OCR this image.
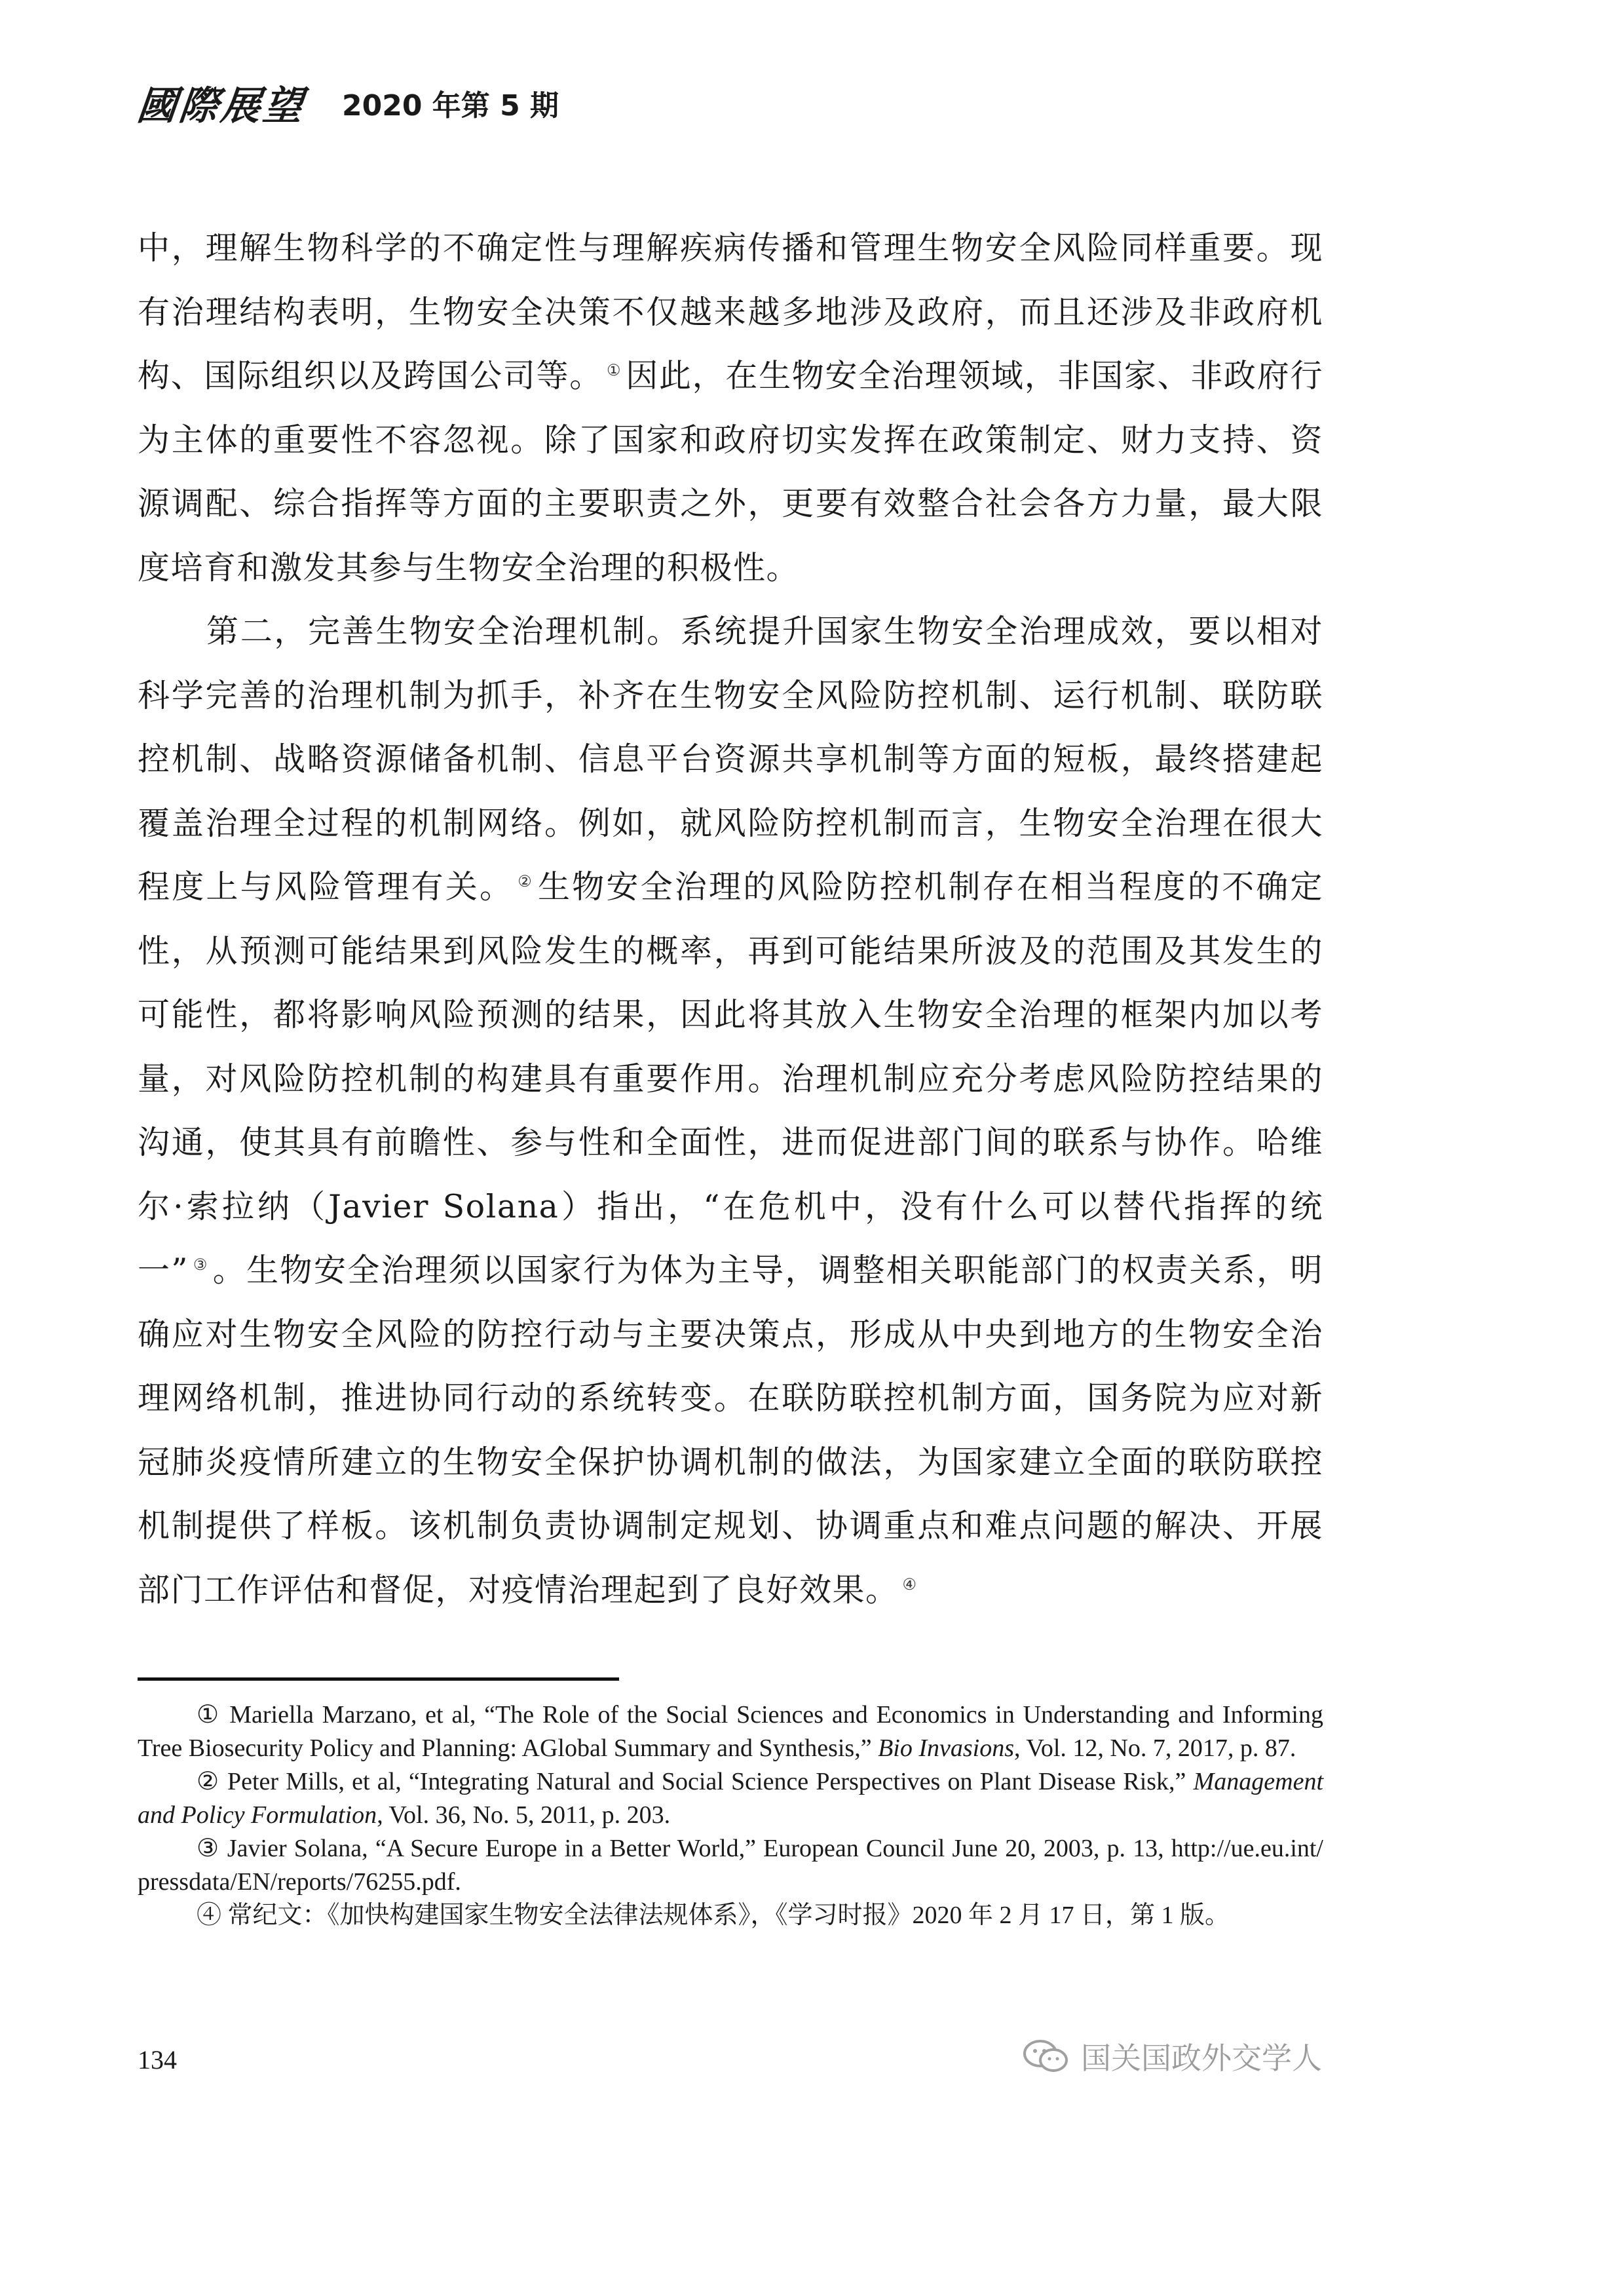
國際展望 2020 年第 5 期

中，理解生物科学的不确定性与理解疾病传播和管理生物安全风险同样重要。现有治理结构表明，生物安全决策不仅越来越多地涉及政府，而且还涉及非政府机构、国际组织以及跨国公司等。 ① 因此，在生物安全治理领域，非国家、非政府行为主体的重要性不容忽视。除了国家和政府切实发挥在政策制定、财力支持、资源调配、综合指挥等方面的主要职责之外，更要有效整合社会各方力量，最大限度培育和激发其参与生物安全治理的积极性。

第二，完善生物安全治理机制。系统提升国家生物安全治理成效，要以相对科学完善的治理机制为抓手，补齐在生物安全风险防控机制、运行机制、联防联控机制、战略资源储备机制、信息平台资源共享机制等方面的短板，最终搭建起覆盖治理全过程的机制网络。例如，就风险防控机制而言，生物安全治理在很大程度上与风险管理有关。 ② 生物安全治理的风险防控机制存在相当程度的不确定性，从预测可能结果到风险发生的概率，再到可能结果所波及的范围及其发生的可能性，都将影响风险预测的结果，因此将其放入生物安全治理的框架内加以考量，对风险防控机制的构建具有重要作用。治理机制应充分考虑风险防控结果的沟通，使其具有前瞻性、参与性和全面性，进而促进部门间的联系与协作。哈维尔·索拉纳（Javier Solana）指出，“在危机中，没有什么可以替代指挥的统一” ③ 。生物安全治理须以国家行为体为主导，调整相关职能部门的权责关系，明确应对生物安全风险的防控行动与主要决策点，形成从中央到地方的生物安全治理网络机制，推进协同行动的系统转变。在联防联控机制方面，国务院为应对新冠肺炎疫情所建立的生物安全保护协调机制的做法，为国家建立全面的联防联控机制提供了样板。该机制负责协调制定规划、协调重点和难点问题的解决、开展部门工作评估和督促，对疫情治理起到了良好效果。 ④

① Mariella Marzano, et al, “The Role of the Social Sciences and Economics in Understanding and Informing Tree Biosecurity Policy and Planning: AGlobal Summary and Synthesis,” Bio Invasions, Vol. 12, No. 7, 2017, p. 87.

② Peter Mills, et al, “Integrating Natural and Social Science Perspectives on Plant Disease Risk,” Management and Policy Formulation, Vol. 36, No. 5, 2011, p. 203.

③ Javier Solana, “A Secure Europe in a Better World,” European Council June 20, 2003, p. 13, http://ue.eu.int/ pressdata/EN/reports/76255.pdf.

④ 常纪文：《加快构建国家生物安全法律法规体系》，《学习时报》2020 年 2 月 17 日，第 1 版。

134	国关国政外交学人
